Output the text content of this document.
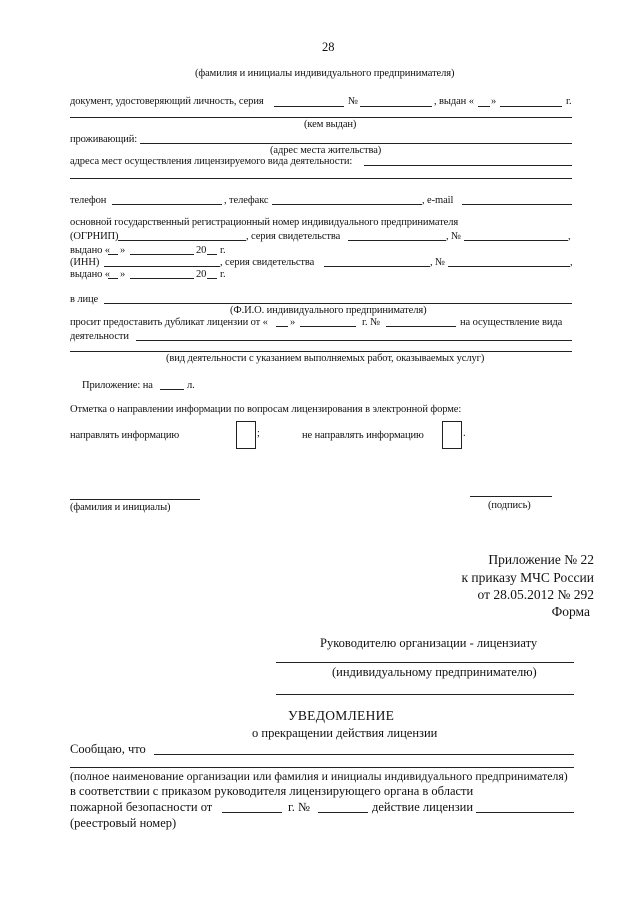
28
(фамилия и инициалы индивидуального предпринимателя)
документ, удостоверяющий личность, серия	№	, выдан « »	г.
(кем выдан)
проживающий:
(адрес места жительства)
адреса мест осуществления лицензируемого вида деятельности:
телефон	, телефакс	, e-mail
основной государственный регистрационный номер индивидуального предпринимателя
(ОГРНИП)	, серия свидетельства	, №	,
выдано « »	20 г.
(ИНН)	, серия свидетельства	, №	,
выдано « »	20 г.
в лице
(Ф.И.О. индивидуального предпринимателя)
просит предоставить дубликат лицензии от « »	г. №	на осуществление вида
деятельности
(вид деятельности с указанием выполняемых работ, оказываемых услуг)
Приложение: на	л.
Отметка о направлении информации по вопросам лицензирования в электронной форме:
направлять информацию	;	не направлять информацию	.
(фамилия и инициалы)	(подпись)
Приложение № 22
к приказу МЧС России
от 28.05.2012 № 292
Форма
Руководителю организации - лицензиату
(индивидуальному предпринимателю)
УВЕДОМЛЕНИЕ
о прекращении действия лицензии
Сообщаю, что
(полное наименование организации или фамилия и инициалы индивидуального предпринимателя)
в соответствии с приказом руководителя лицензирующего органа в области
пожарной безопасности от	г. №	действие лицензии
(реестровый номер)
